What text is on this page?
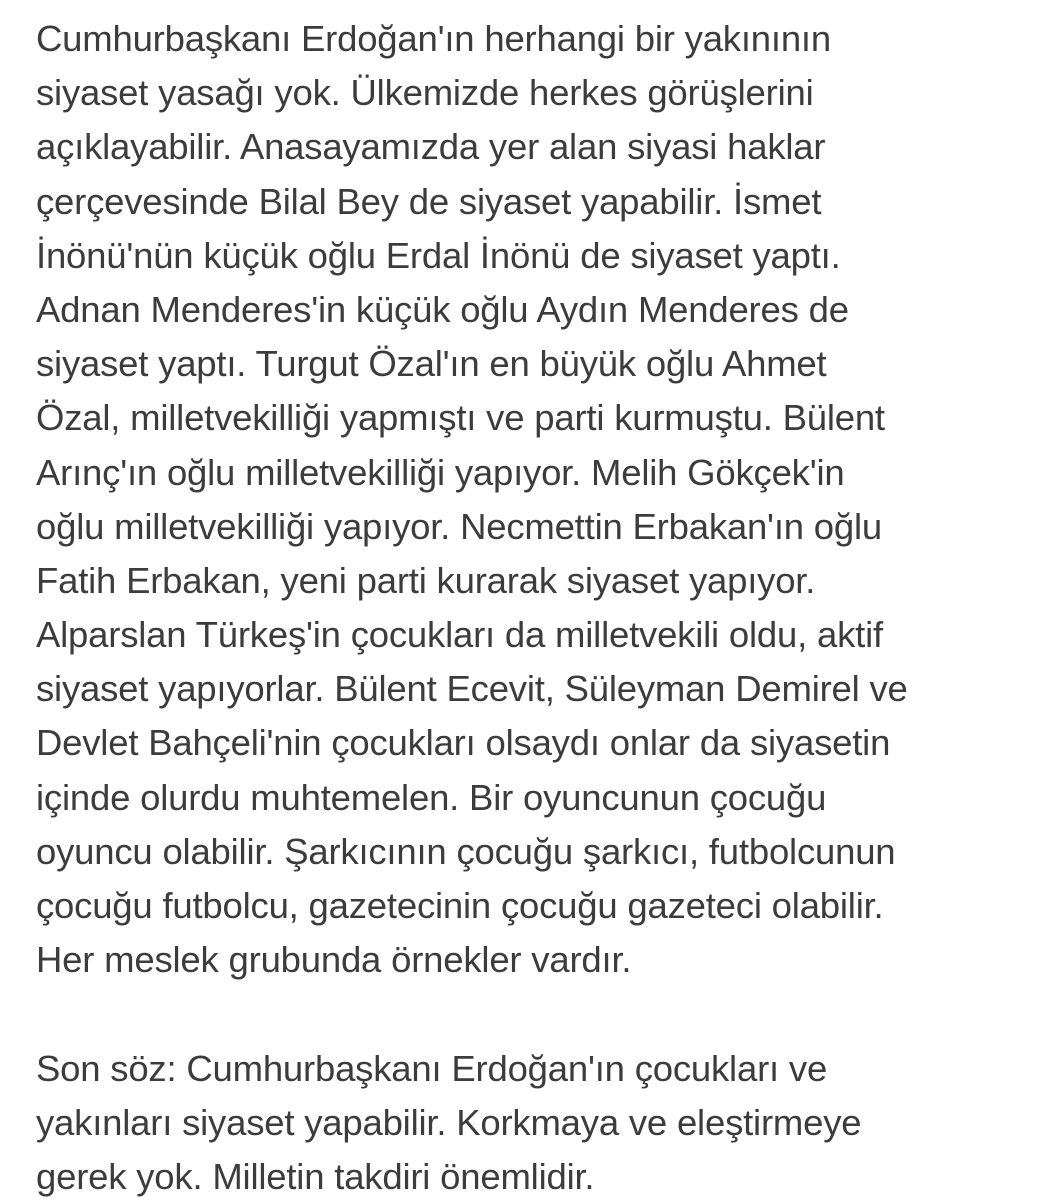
Cumhurbaşkanı Erdoğan'ın herhangi bir yakınının
siyaset yasağı yok. Ülkemizde herkes görüşlerini
açıklayabilir. Anasayamızda yer alan siyasi haklar
çerçevesinde Bilal Bey de siyaset yapabilir. İsmet
İnönü'nün küçük oğlu Erdal İnönü de siyaset yaptı.
Adnan Menderes'in küçük oğlu Aydın Menderes de
siyaset yaptı. Turgut Özal'ın en büyük oğlu Ahmet
Özal, milletvekilliği yapmıştı ve parti kurmuştu. Bülent
Arınç'ın oğlu milletvekilliği yapıyor. Melih Gökçek'in
oğlu milletvekilliği yapıyor. Necmettin Erbakan'ın oğlu
Fatih Erbakan, yeni parti kurarak siyaset yapıyor.
Alparslan Türkeş'in çocukları da milletvekili oldu, aktif
siyaset yapıyorlar. Bülent Ecevit, Süleyman Demirel ve
Devlet Bahçeli'nin çocukları olsaydı onlar da siyasetin
içinde olurdu muhtemelen. Bir oyuncunun çocuğu
oyuncu olabilir. Şarkıcının çocuğu şarkıcı, futbolcunun
çocuğu futbolcu, gazetecinin çocuğu gazeteci olabilir.
Her meslek grubunda örnekler vardır.
Son söz: Cumhurbaşkanı Erdoğan'ın çocukları ve
yakınları siyaset yapabilir. Korkmaya ve eleştirmeye
gerek yok. Milletin takdiri önemlidir.
